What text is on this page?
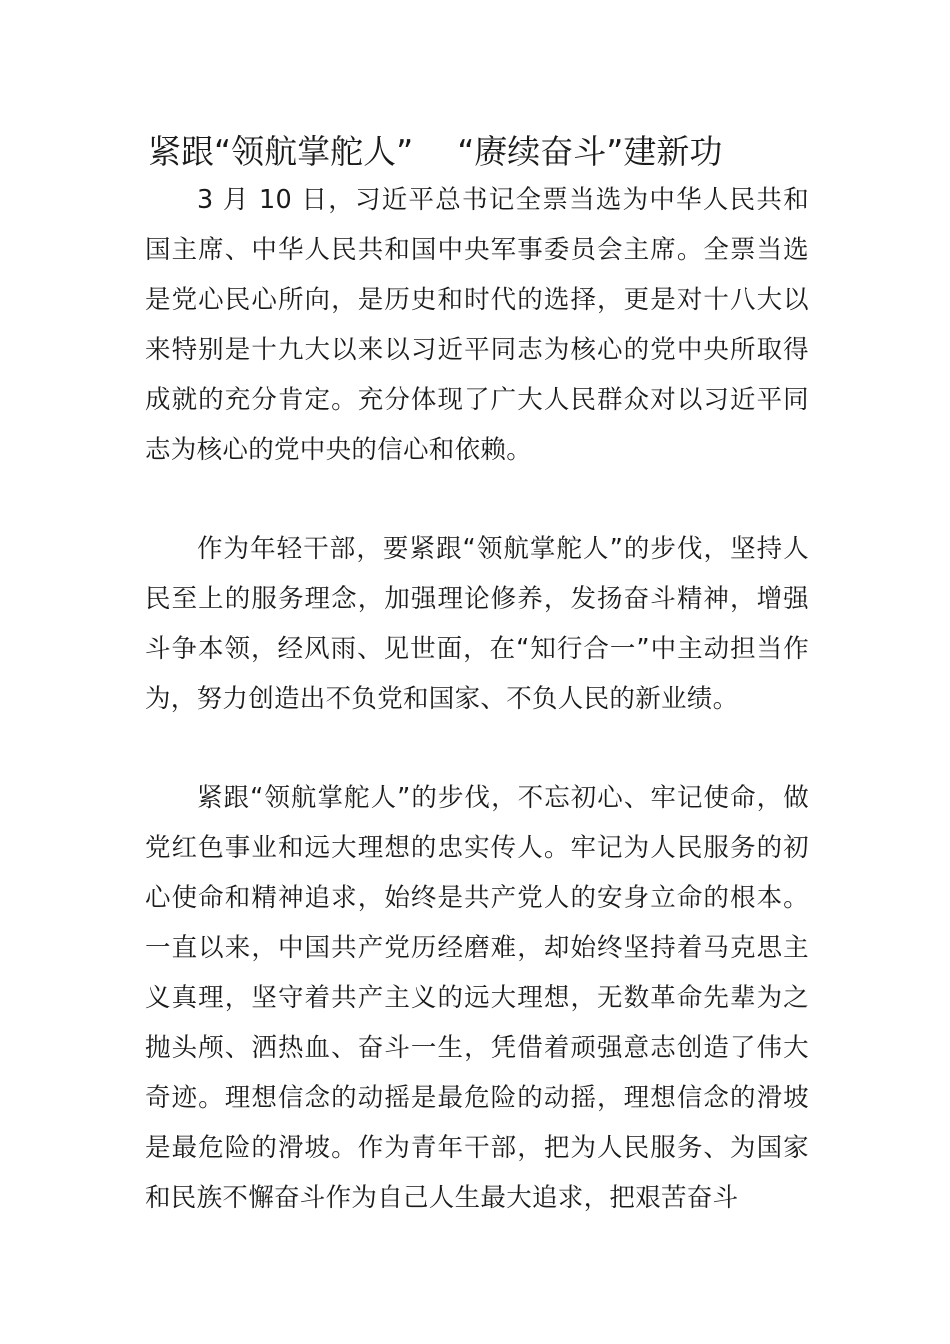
紧跟“领航掌舵人” “赓续奋斗”建新功

3 月 10 日，习近平总书记全票当选为中华人民共和国主席、中华人民共和国中央军事委员会主席。全票当选是党心民心所向，是历史和时代的选择，更是对十八大以来特别是十九大以来以习近平同志为核心的党中央所取得成就的充分肯定。充分体现了广大人民群众对以习近平同志为核心的党中央的信心和依赖。

作为年轻干部，要紧跟“领航掌舵人”的步伐，坚持人民至上的服务理念，加强理论修养，发扬奋斗精神，增强斗争本领，经风雨、见世面，在“知行合一”中主动担当作为，努力创造出不负党和国家、不负人民的新业绩。

紧跟“领航掌舵人”的步伐，不忘初心、牢记使命，做党红色事业和远大理想的忠实传人。牢记为人民服务的初心使命和精神追求，始终是共产党人的安身立命的根本。一直以来，中国共产党历经磨难，却始终坚持着马克思主义真理，坚守着共产主义的远大理想，无数革命先辈为之抛头颅、洒热血、奋斗一生，凭借着顽强意志创造了伟大奇迹。理想信念的动摇是最危险的动摇，理想信念的滑坡是最危险的滑坡。作为青年干部，把为人民服务、为国家和民族不懈奋斗作为自己人生最大追求，把艰苦奋斗
